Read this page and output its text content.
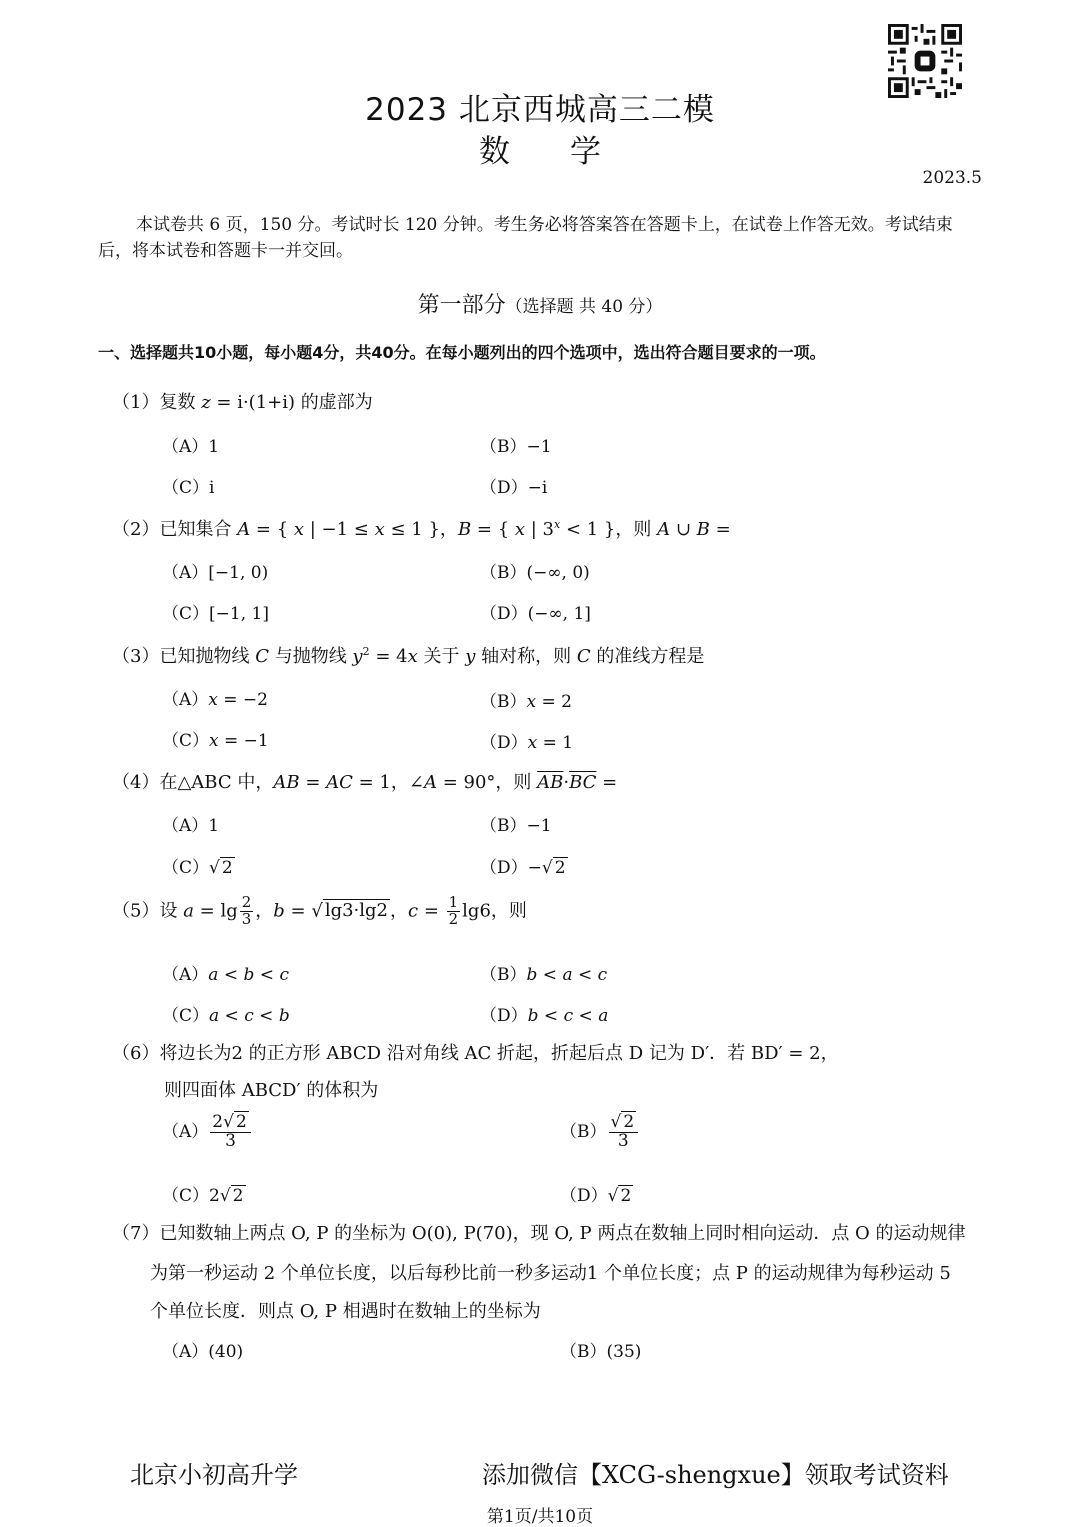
2023 北京西城高三二模
数学
2023.5
本试卷共 6 页，150 分。考试时长 120 分钟。考生务必将答案答在答题卡上，在试卷上作答无效。考试结束后，将本试卷和答题卡一并交回。
第一部分（选择题 共 40 分）
一、选择题共10小题，每小题4分，共40分。在每小题列出的四个选项中，选出符合题目要求的一项。
（1）复数 z = i·(1+i) 的虚部为
（A）1	（B）−1
（C）i	（D）−i
（2）已知集合 A = { x | −1 ≤ x ≤ 1 }，B = { x | $3^x < 1$ }，则 A ∪ B =
（A）[−1, 0)	（B）(−∞, 0)
（C）[−1, 1]	（D）(−∞, 1]
（3）已知抛物线 C 与抛物线 $y^2 = 4x$ 关于 y 轴对称，则 C 的准线方程是
（A）x = −2	（B）x = 2
（C）x = −1	（D）x = 1
（4）在△ABC 中，AB = AC = 1，∠A = 90°，则 $\overline{AB}\cdot\overline{BC}$ =
（A）1	（B）−1
（C）√ 2	（D）−√ 2
（5）设 $a = \lg \frac{2}{3}$ ，b = √ lg3·lg2 ，$c = \frac{1}{2} \lg 6$，则
（A）a < b < c	（B）b < a < c
（C）a < c < b	（D）b < c < a
（6）将边长为2 的正方形 ABCD 沿对角线 AC 折起，折起后点 D 记为 D′．若 BD′ = 2，
则四面体 ABCD′ 的体积为
$(A) \frac{2√ 2}{3}$	$(B) \frac{√ 2}{3}$
（C）2√ 2	（D）√ 2
（7）已知数轴上两点 O, P 的坐标为 O(0), P(70)，现 O, P 两点在数轴上同时相向运动．点 O 的运动规律
为第一秒运动 2 个单位长度，以后每秒比前一秒多运动1 个单位长度；点 P 的运动规律为每秒运动 5
个单位长度．则点 O, P 相遇时在数轴上的坐标为
（A）(40)	（B）(35)
北京小初高升学	添加微信【XCG-shengxue】领取考试资料
第1页/共10页
